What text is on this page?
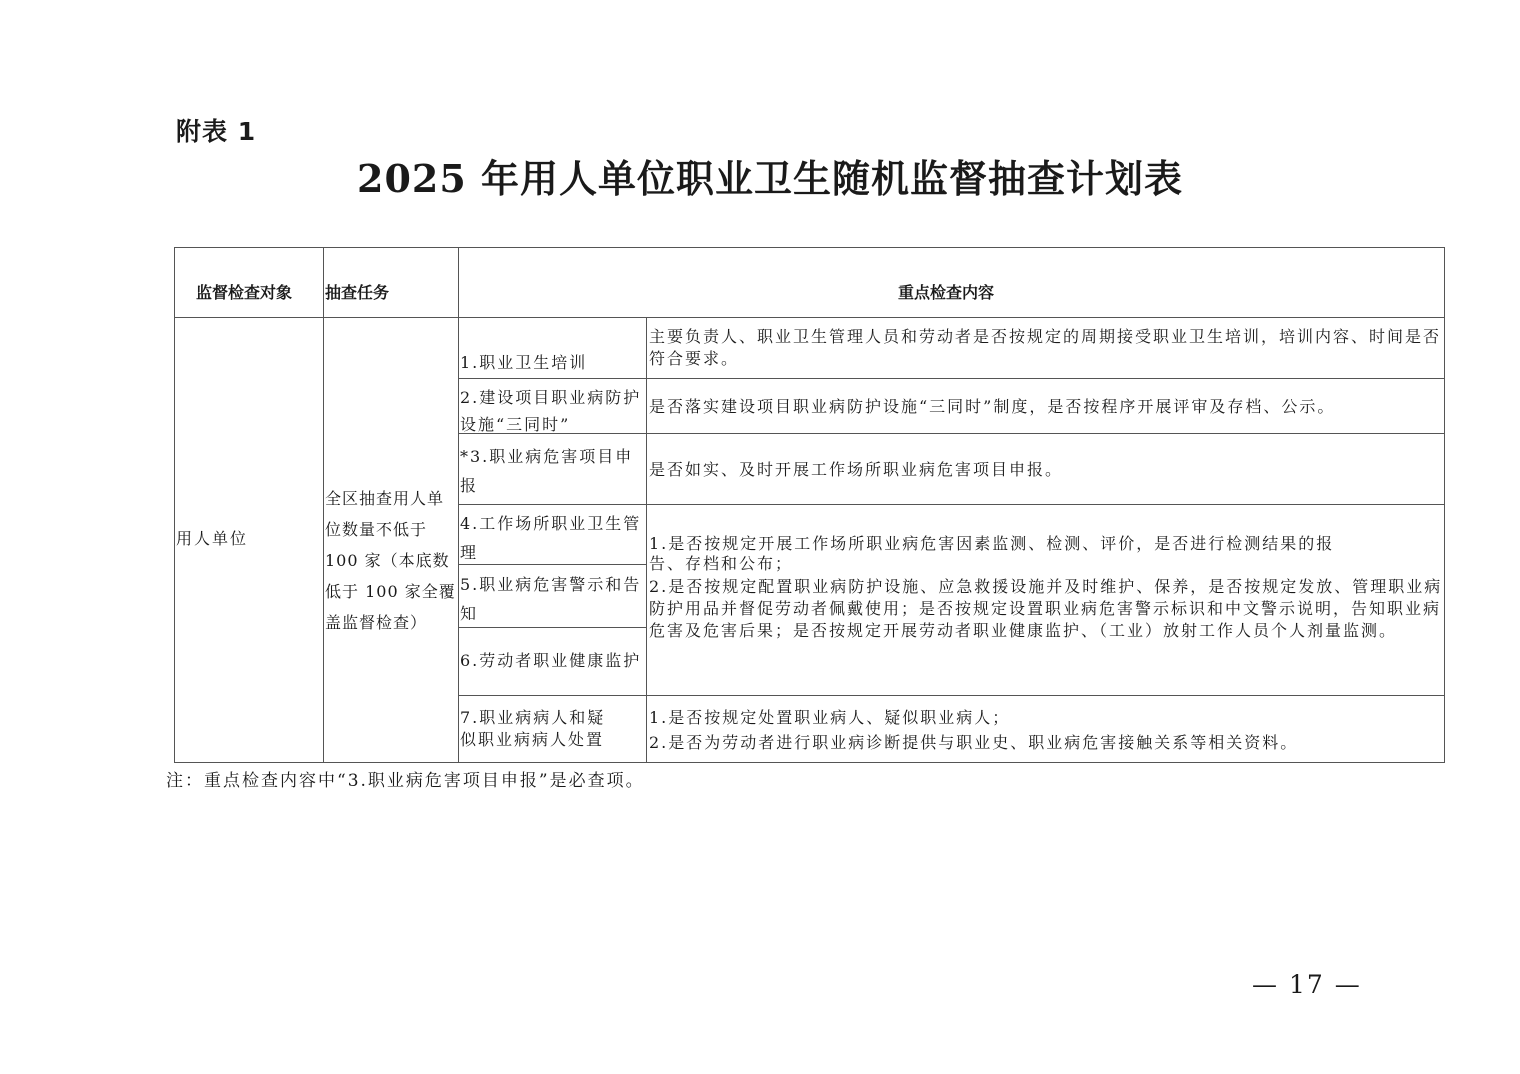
附表 1
2025 年用人单位职业卫生随机监督抽查计划表
监督检查对象	抽查任务	重点检查内容
用人单位
全区抽查用人单位数量不低于 100 家（本底数低于 100 家全覆盖监督检查）
1.职业卫生培训
2.建设项目职业病防护设施“三同时”
*3.职业病危害项目申报
4.工作场所职业卫生管理
5.职业病危害警示和告知
6.劳动者职业健康监护
7.职业病病人和疑似职业病病人处置
主要负责人、职业卫生管理人员和劳动者是否按规定的周期接受职业卫生培训，培训内容、时间是否符合要求。
是否落实建设项目职业病防护设施“三同时”制度，是否按程序开展评审及存档、公示。
是否如实、及时开展工作场所职业病危害项目申报。
1.是否按规定开展工作场所职业病危害因素监测、检测、评价，是否进行检测结果的报告、存档和公布；
2.是否按规定配置职业病防护设施、应急救援设施并及时维护、保养，是否按规定发放、管理职业病防护用品并督促劳动者佩戴使用；是否按规定设置职业病危害警示标识和中文警示说明，告知职业病危害及危害后果；是否按规定开展劳动者职业健康监护、（工业）放射工作人员个人剂量监测。
1.是否按规定处置职业病人、疑似职业病人；
2.是否为劳动者进行职业病诊断提供与职业史、职业病危害接触关系等相关资料。
注：重点检查内容中“3.职业病危害项目申报”是必查项。
— 17 —
